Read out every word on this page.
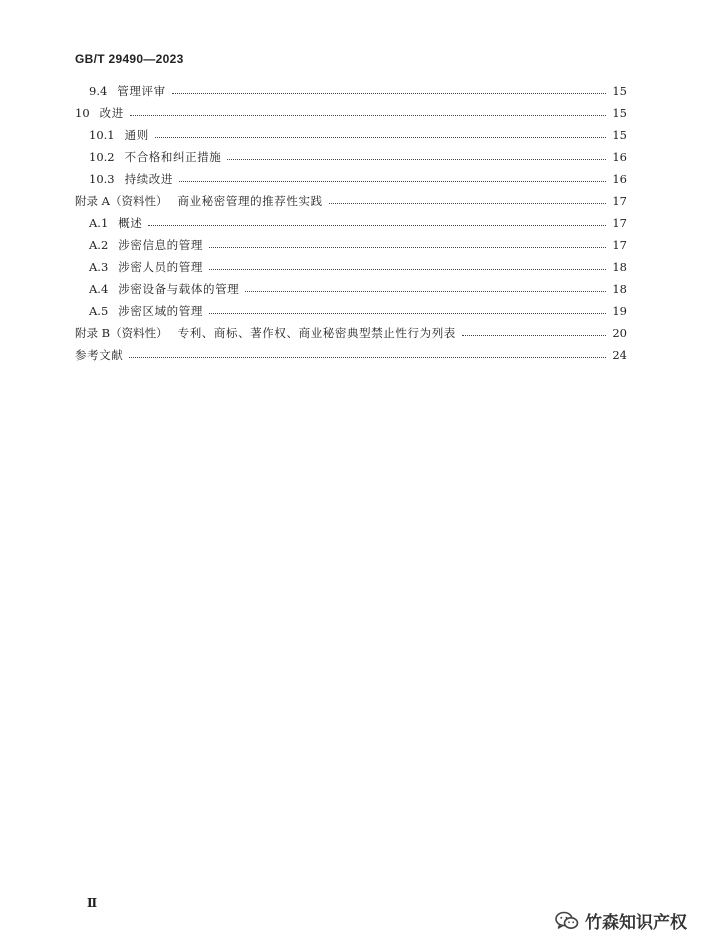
GB/T 29490—2023
9.4 管理评审	15
10 改进	15
10.1 通则	15
10.2 不合格和纠正措施	16
10.3 持续改进	16
附录 A（资料性） 商业秘密管理的推荐性实践	17
A.1 概述	17
A.2 涉密信息的管理	17
A.3 涉密人员的管理	18
A.4 涉密设备与载体的管理	18
A.5 涉密区域的管理	19
附录 B（资料性） 专利、商标、著作权、商业秘密典型禁止性行为列表	20
参考文献	24
Ⅱ
竹森知识产权
